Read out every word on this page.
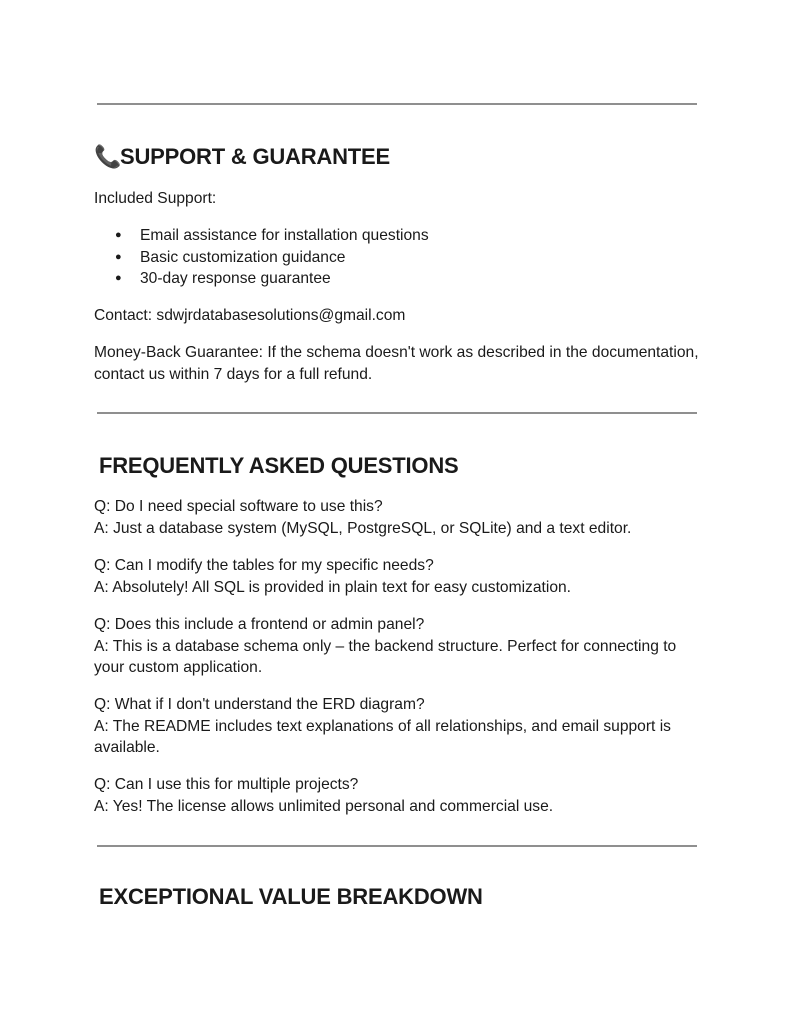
📞SUPPORT & GUARANTEE
Included Support:
● Email assistance for installation questions
● Basic customization guidance
● 30-day response guarantee
Contact: sdwjrdatabasesolutions@gmail.com
Money-Back Guarantee: If the schema doesn't work as described in the documentation,
contact us within 7 days for a full refund.
FREQUENTLY ASKED QUESTIONS
Q: Do I need special software to use this?
A: Just a database system (MySQL, PostgreSQL, or SQLite) and a text editor.
Q: Can I modify the tables for my specific needs?
A: Absolutely! All SQL is provided in plain text for easy customization.
Q: Does this include a frontend or admin panel?
A: This is a database schema only – the backend structure. Perfect for connecting to
your custom application.
Q: What if I don't understand the ERD diagram?
A: The README includes text explanations of all relationships, and email support is
available.
Q: Can I use this for multiple projects?
A: Yes! The license allows unlimited personal and commercial use.
EXCEPTIONAL VALUE BREAKDOWN
